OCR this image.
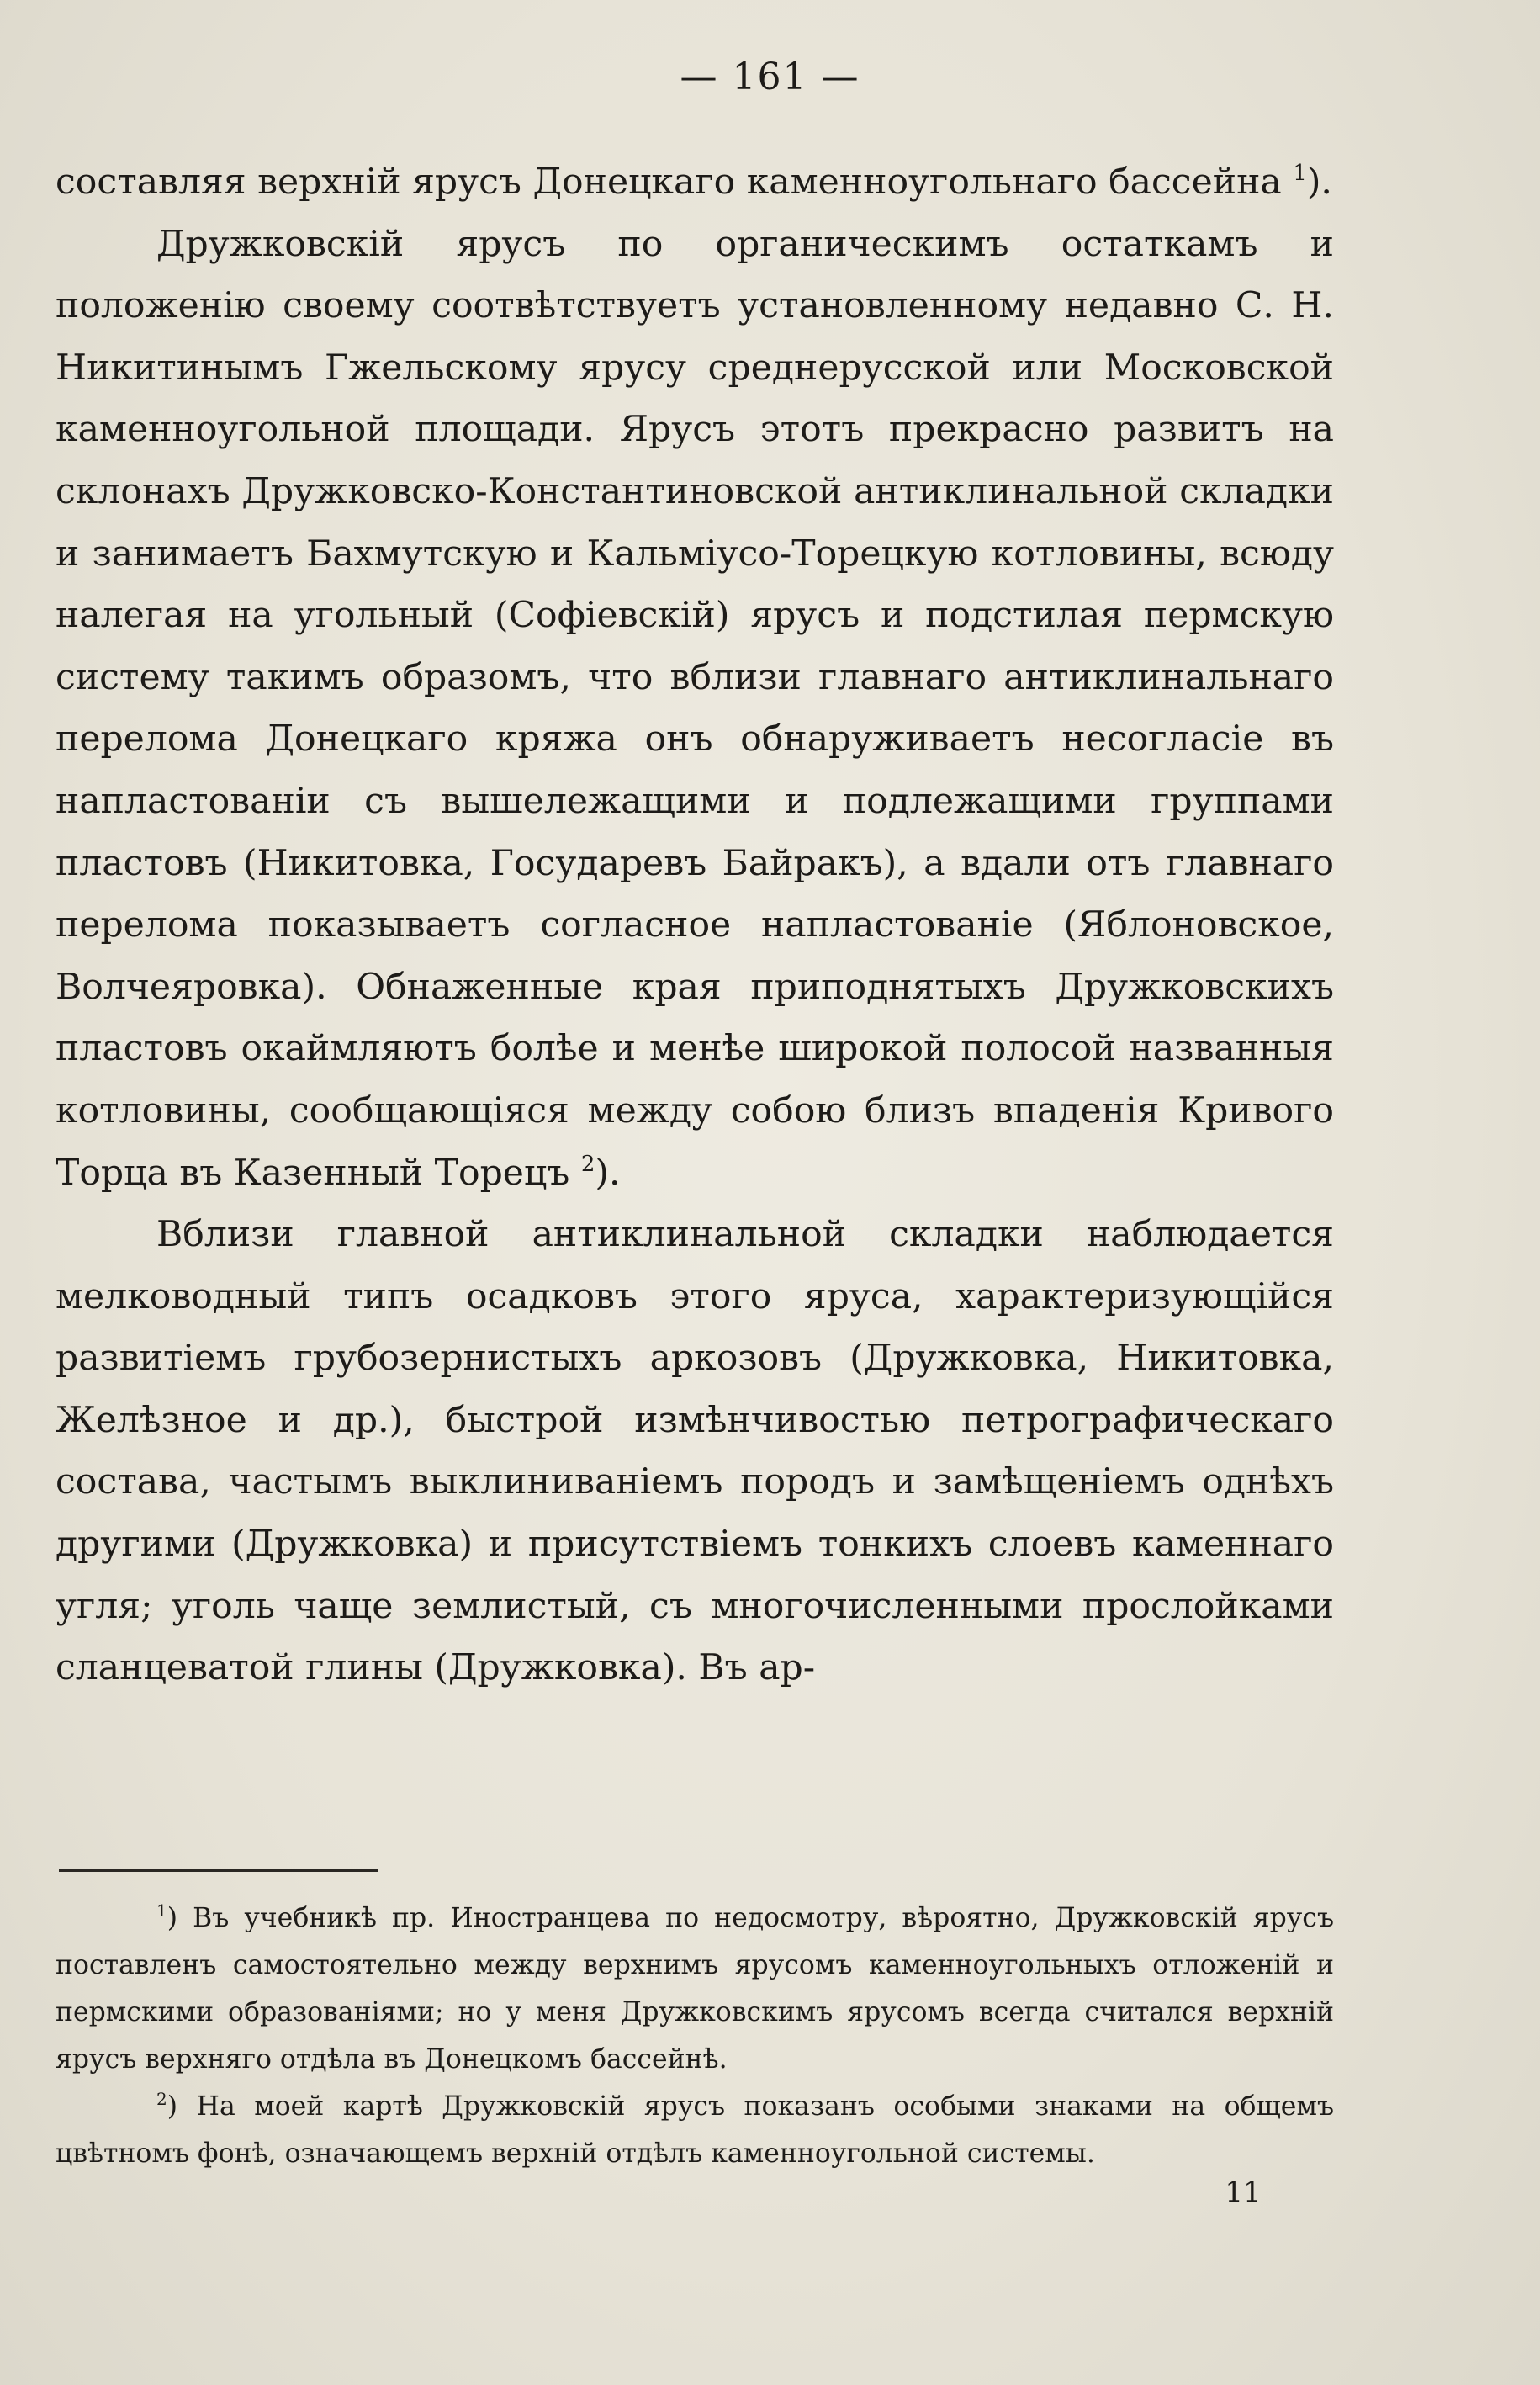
— 161 —

составляя верхній ярусъ Донецкаго каменноугольнаго бассейна $^1$).

Дружковскій ярусъ по органическимъ остаткамъ и положенію своему соотвѣтствуетъ установленному недавно С. Н. Никитинымъ Гжельскому ярусу среднерусской или Московской каменноугольной площади. Ярусъ этотъ прекрасно развитъ на склонахъ Дружковско-Константиновской антиклинальной складки и занимаетъ Бахмутскую и Кальміусо-Торецкую котловины, всюду налегая на угольный (Софіевскій) ярусъ и подстилая пермскую систему такимъ образомъ, что вблизи главнаго антиклинальнаго перелома Донецкаго кряжа онъ обнаруживаетъ несогласіе въ напластованіи съ вышележащими и подлежащими группами пластовъ (Никитовка, Государевъ Байракъ), а вдали отъ главнаго перелома показываетъ согласное напластованіе (Яблоновское, Волчеяровка). Обнаженные края приподнятыхъ Дружковскихъ пластовъ окаймляютъ болѣе и менѣе широкой полосой названныя котловины, сообщающіяся между собою близъ впаденія Кривого Торца въ Казенный Торецъ $^2$).

Вблизи главной антиклинальной складки наблюдается мелководный типъ осадковъ этого яруса, характеризующійся развитіемъ грубозернистыхъ аркозовъ (Дружковка, Никитовка, Желѣзное и др.), быстрой измѣнчивостью петрографическаго состава, частымъ выклиниваніемъ породъ и замѣщеніемъ однѣхъ другими (Дружковка) и присутствіемъ тонкихъ слоевъ каменнаго угля; уголь чаще землистый, съ многочисленными прослойками сланцеватой глины (Дружковка). Въ ар-

$^1$) Въ учебникѣ пр. Иностранцева по недосмотру, вѣроятно, Дружковскій ярусъ поставленъ самостоятельно между верхнимъ ярусомъ каменноугольныхъ отложеній и пермскими образованіями; но у меня Дружковскимъ ярусомъ всегда считался верхній ярусъ верхняго отдѣла въ Донецкомъ бассейнѣ.

$^2$) На моей картѣ Дружковскій ярусъ показанъ особыми знаками на общемъ цвѣтномъ фонѣ, означающемъ верхній отдѣлъ каменноугольной системы.

11
